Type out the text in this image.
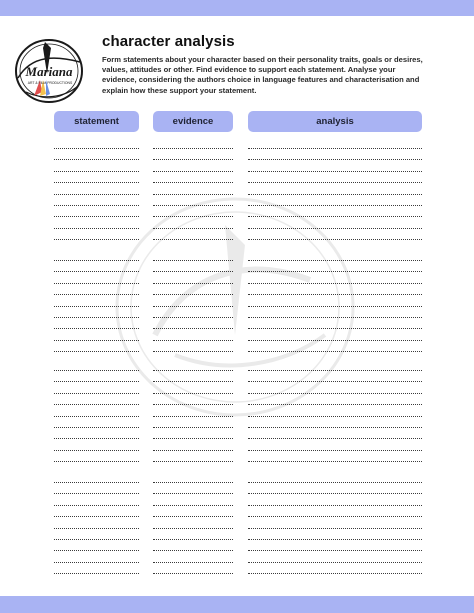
Mariana
ART & FILM PRODUCTIONS
character analysis

Form statements about your character based on their personality traits, goals or desires, values, attitudes or other. Find evidence to support each statement. Analyse your evidence, considering the authors choice in language features and characterisation and explain how these support your statement.

statement	evidence	analysis
